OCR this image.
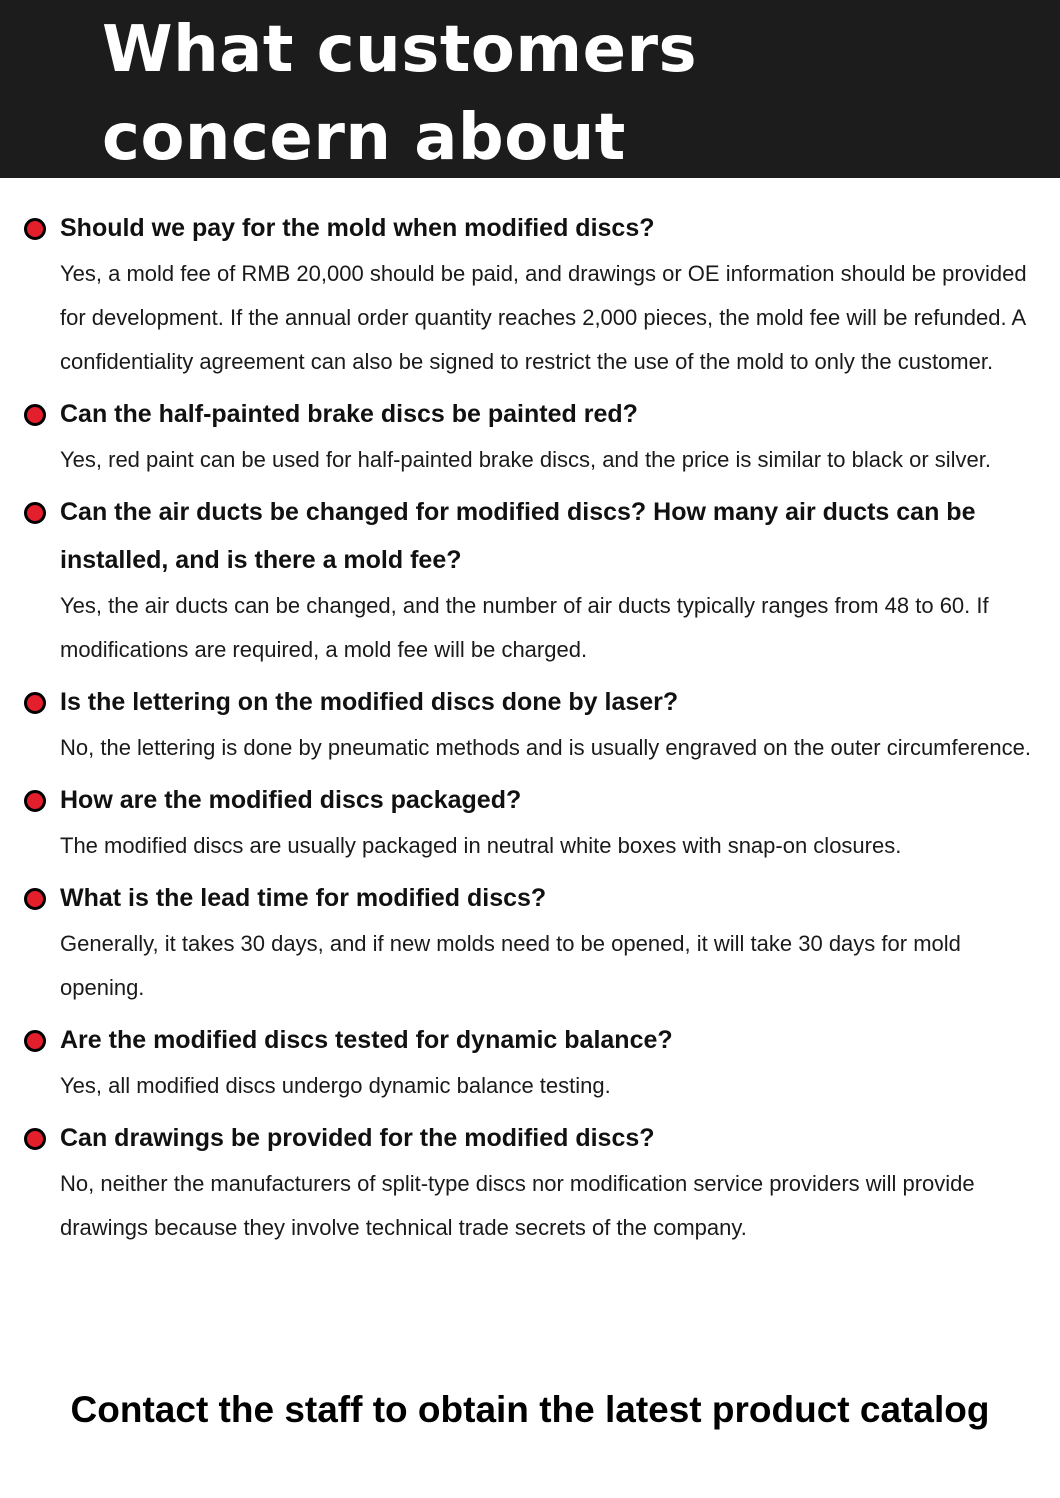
What customers concern about

Should we pay for the mold when modified discs?

Yes, a mold fee of RMB 20,000 should be paid, and drawings or OE information should be provided for development. If the annual order quantity reaches 2,000 pieces, the mold fee will be refunded. A confidentiality agreement can also be signed to restrict the use of the mold to only the customer.

Can the half-painted brake discs be painted red?

Yes, red paint can be used for half-painted brake discs, and the price is similar to black or silver.

Can the air ducts be changed for modified discs? How many air ducts can be installed, and is there a mold fee?

Yes, the air ducts can be changed, and the number of air ducts typically ranges from 48 to 60. If modifications are required, a mold fee will be charged.

Is the lettering on the modified discs done by laser?

No, the lettering is done by pneumatic methods and is usually engraved on the outer circumference.

How are the modified discs packaged?

The modified discs are usually packaged in neutral white boxes with snap-on closures.

What is the lead time for modified discs?

Generally, it takes 30 days, and if new molds need to be opened, it will take 30 days for mold opening.

Are the modified discs tested for dynamic balance?

Yes, all modified discs undergo dynamic balance testing.

Can drawings be provided for the modified discs?

No, neither the manufacturers of split-type discs nor modification service providers will provide drawings because they involve technical trade secrets of the company.

Contact the staff to obtain the latest product catalog
